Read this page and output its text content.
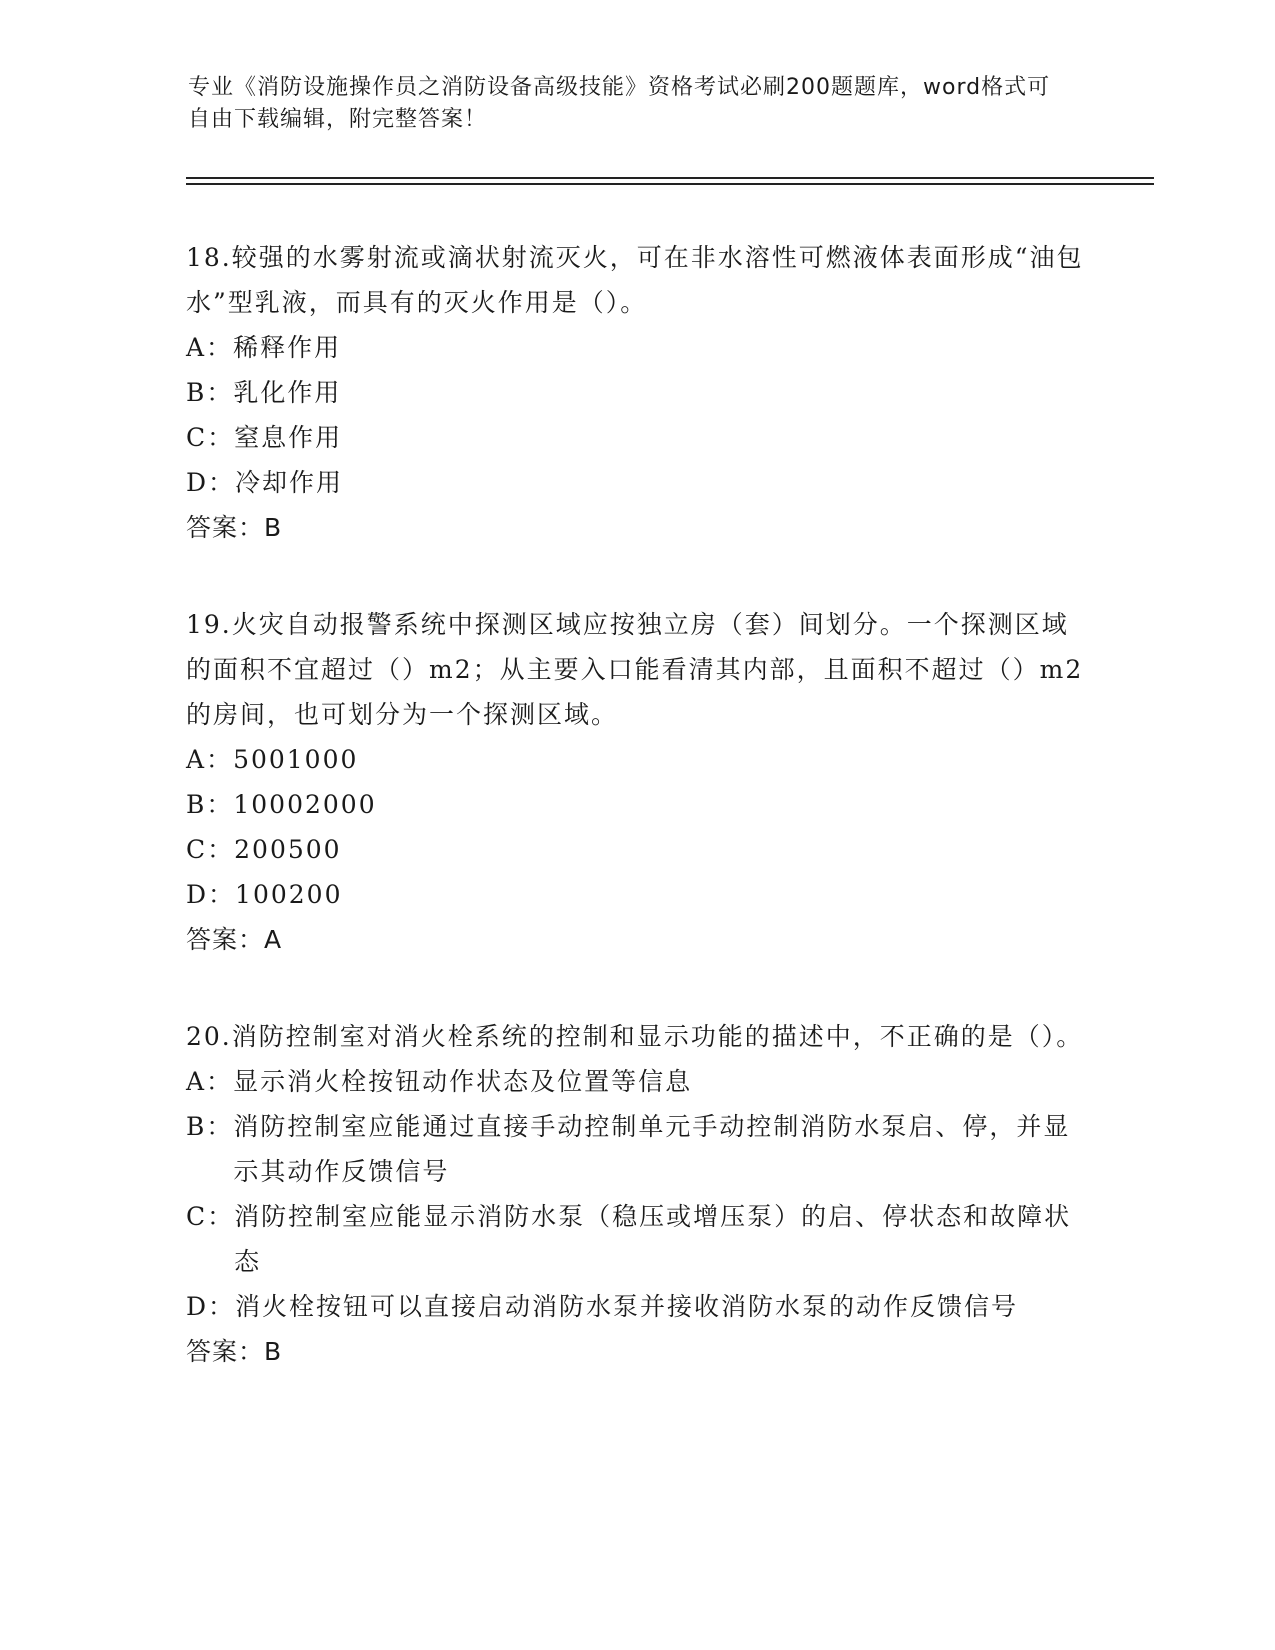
专业《消防设施操作员之消防设备高级技能》资格考试必刷200题题库，word格式可自由下载编辑，附完整答案！

18.较强的水雾射流或滴状射流灭火，可在非水溶性可燃液体表面形成“油包水”型乳液，而具有的灭火作用是（）。

A： 稀释作用

B： 乳化作用

C： 窒息作用

D： 冷却作用

答案：B

19.火灾自动报警系统中探测区域应按独立房（套）间划分。一个探测区域的面积不宜超过（）m2；从主要入口能看清其内部，且面积不超过（）m2的房间，也可划分为一个探测区域。

A： 5001000

B： 10002000

C： 200500

D： 100200

答案：A

20.消防控制室对消火栓系统的控制和显示功能的描述中，不正确的是（）。

A： 显示消火栓按钮动作状态及位置等信息

B： 消防控制室应能通过直接手动控制单元手动控制消防水泵启、停，并显示其动作反馈信号

C： 消防控制室应能显示消防水泵（稳压或增压泵）的启、停状态和故障状态

D： 消火栓按钮可以直接启动消防水泵并接收消防水泵的动作反馈信号

答案：B
